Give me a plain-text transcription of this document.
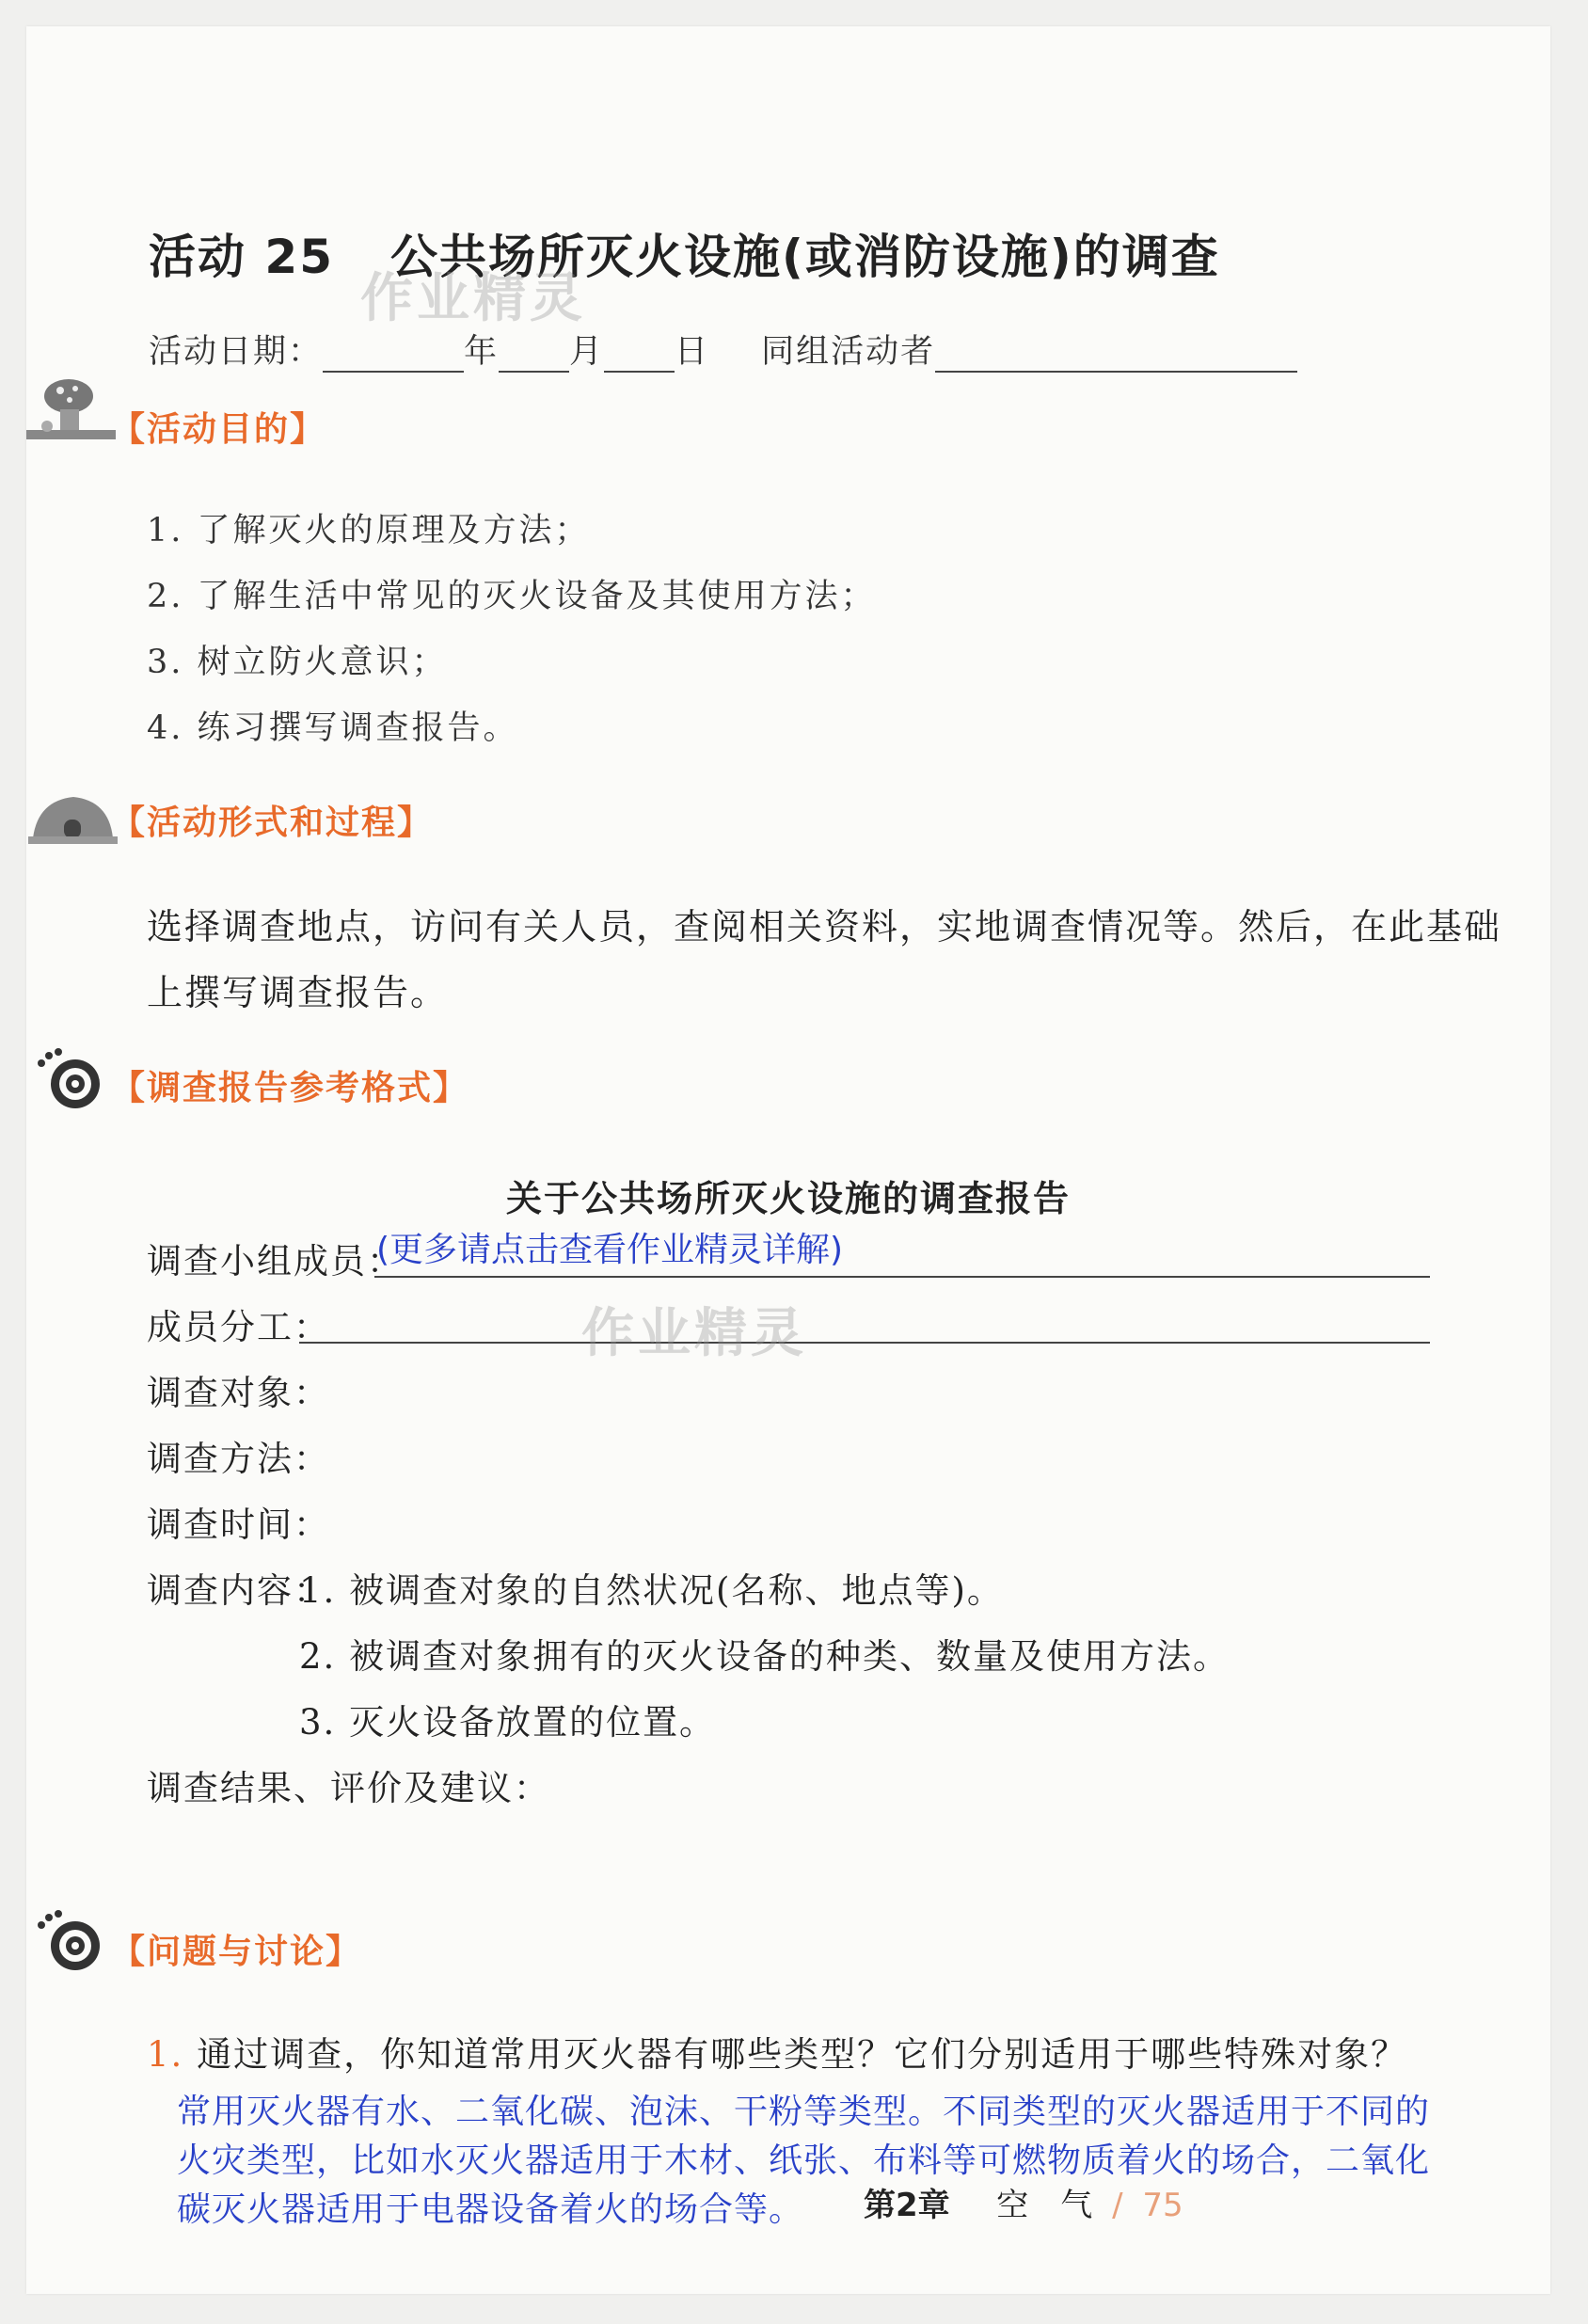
活动 25 公共场所灭火设施(或消防设施)的调查
作业精灵
活动日期：	年 月 日 同组活动者
【活动目的】
1. 了解灭火的原理及方法；
2. 了解生活中常见的灭火设备及其使用方法；
3. 树立防火意识；
4. 练习撰写调查报告。
【活动形式和过程】
选择调查地点，访问有关人员，查阅相关资料，实地调查情况等。然后，在此基础
上撰写调查报告。
【调查报告参考格式】
关于公共场所灭火设施的调查报告
调查小组成员：
(更多请点击查看作业精灵详解)
成员分工：	作业精灵
调查对象：
调查方法：
调查时间：
调查内容：
1. 被调查对象的自然状况(名称、地点等)。
2. 被调查对象拥有的灭火设备的种类、数量及使用方法。
3. 灭火设备放置的位置。
调查结果、评价及建议：
【问题与讨论】
1. 通过调查，你知道常用灭火器有哪些类型？它们分别适用于哪些特殊对象？
常用灭火器有水、二氧化碳、泡沫、干粉等类型。不同类型的灭火器适用于不同的
火灾类型，比如水灭火器适用于木材、纸张、布料等可燃物质着火的场合，二氧化
碳灭火器适用于电器设备着火的场合等。 第2章 空　气 / 75
